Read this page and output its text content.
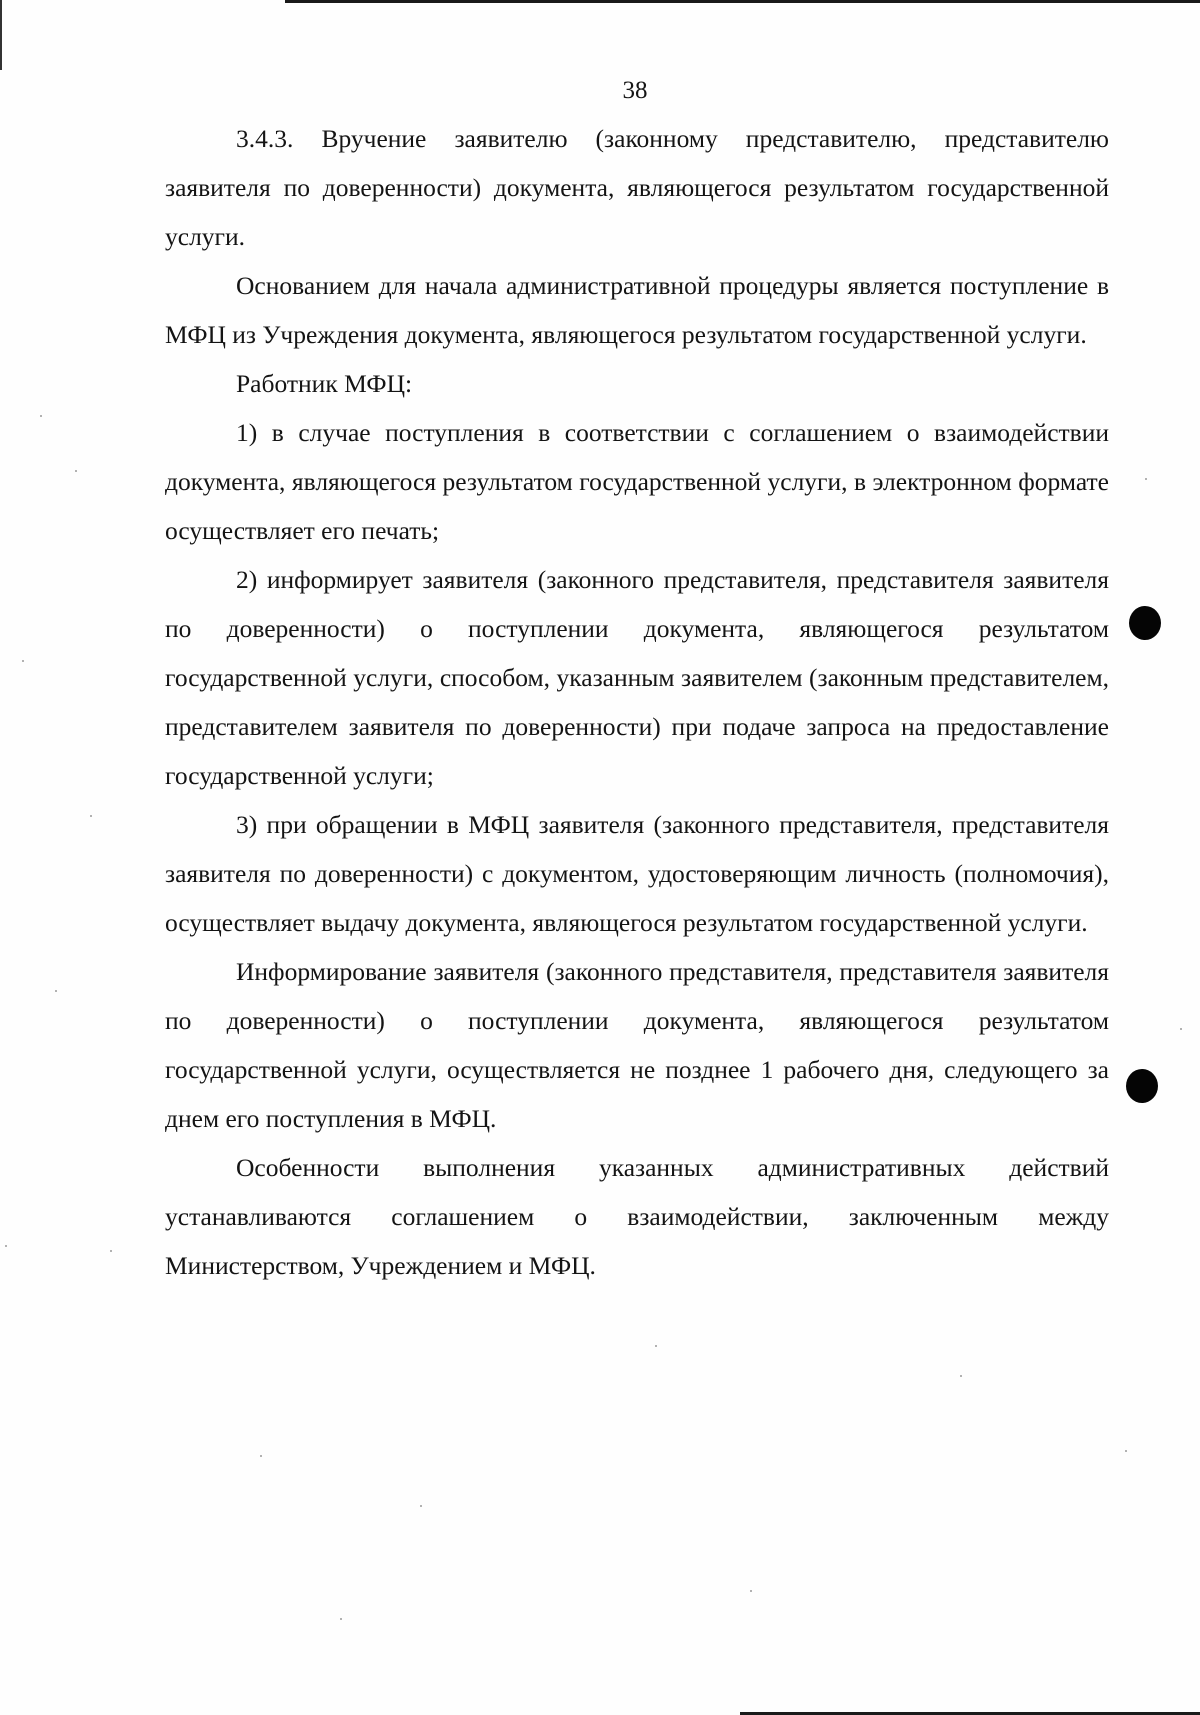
38

3.4.3. Вручение заявителю (законному представителю, представителю заявителя по доверенности) документа, являющегося результатом государственной услуги.

Основанием для начала административной процедуры является поступление в МФЦ из Учреждения документа, являющегося результатом государственной услуги.

Работник МФЦ:

1) в случае поступления в соответствии с соглашением о взаимодействии документа, являющегося результатом государственной услуги, в электронном формате осуществляет его печать;

2) информирует заявителя (законного представителя, представителя заявителя по доверенности) о поступлении документа, являющегося результатом государственной услуги, способом, указанным заявителем (законным представителем, представителем заявителя по доверенности) при подаче запроса на предоставление государственной услуги;

3) при обращении в МФЦ заявителя (законного представителя, представителя заявителя по доверенности) с документом, удостоверяющим личность (полномочия), осуществляет выдачу документа, являющегося результатом государственной услуги.

Информирование заявителя (законного представителя, представителя заявителя по доверенности) о поступлении документа, являющегося результатом государственной услуги, осуществляется не позднее 1 рабочего дня, следующего за днем его поступления в МФЦ.

Особенности выполнения указанных административных действий устанавливаются соглашением о взаимодействии, заключенным между Министерством, Учреждением и МФЦ.
